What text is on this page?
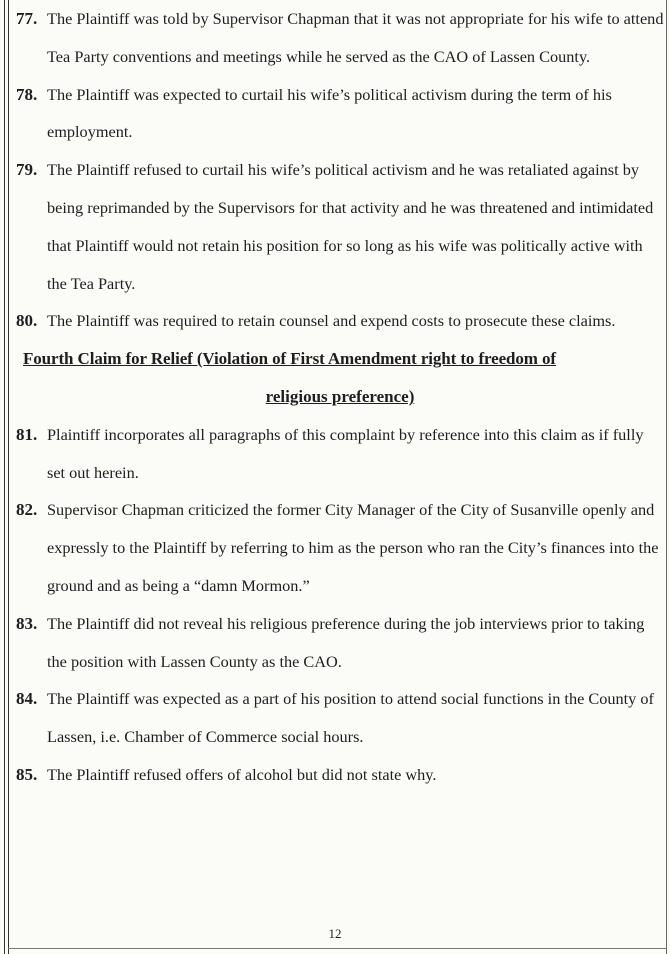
77. The Plaintiff was told by Supervisor Chapman that it was not appropriate for his wife to attend Tea Party conventions and meetings while he served as the CAO of Lassen County.
78. The Plaintiff was expected to curtail his wife’s political activism during the term of his employment.
79. The Plaintiff refused to curtail his wife’s political activism and he was retaliated against by being reprimanded by the Supervisors for that activity and he was threatened and intimidated that Plaintiff would not retain his position for so long as his wife was politically active with the Tea Party.
80. The Plaintiff was required to retain counsel and expend costs to prosecute these claims.
Fourth Claim for Relief (Violation of First Amendment right to freedom of
religious preference)
81. Plaintiff incorporates all paragraphs of this complaint by reference into this claim as if fully set out herein.
82. Supervisor Chapman criticized the former City Manager of the City of Susanville openly and expressly to the Plaintiff by referring to him as the person who ran the City’s finances into the ground and as being a “damn Mormon.”
83. The Plaintiff did not reveal his religious preference during the job interviews prior to taking the position with Lassen County as the CAO.
84. The Plaintiff was expected as a part of his position to attend social functions in the County of Lassen, i.e. Chamber of Commerce social hours.
85. The Plaintiff refused offers of alcohol but did not state why.
12
